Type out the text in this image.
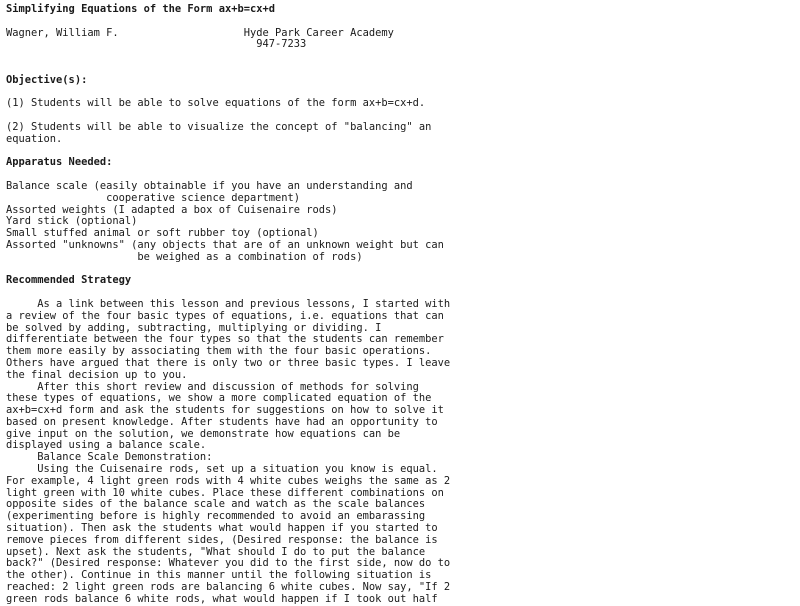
Simplifying Equations of the Form ax+b=cx+d
Wagner, William F.                    Hyde Park Career Academy
947-7233
Objective(s):
(1) Students will be able to solve equations of the form ax+b=cx+d.
(2) Students will be able to visualize the concept of "balancing" an
equation.
Apparatus Needed:
Balance scale (easily obtainable if you have an understanding and
cooperative science department)
Assorted weights (I adapted a box of Cuisenaire rods)
Yard stick (optional)
Small stuffed animal or soft rubber toy (optional)
Assorted "unknowns" (any objects that are of an unknown weight but can
be weighed as a combination of rods)
Recommended Strategy
As a link between this lesson and previous lessons, I started with
a review of the four basic types of equations, i.e. equations that can
be solved by adding, subtracting, multiplying or dividing. I
differentiate between the four types so that the students can remember
them more easily by associating them with the four basic operations.
Others have argued that there is only two or three basic types. I leave
the final decision up to you.
After this short review and discussion of methods for solving
these types of equations, we show a more complicated equation of the
ax+b=cx+d form and ask the students for suggestions on how to solve it
based on present knowledge. After students have had an opportunity to
give input on the solution, we demonstrate how equations can be
displayed using a balance scale.
Balance Scale Demonstration:
Using the Cuisenaire rods, set up a situation you know is equal.
For example, 4 light green rods with 4 white cubes weighs the same as 2
light green with 10 white cubes. Place these different combinations on
opposite sides of the balance scale and watch as the scale balances
(experimenting before is highly recommended to avoid an embarassing
situation). Then ask the students what would happen if you started to
remove pieces from different sides, (Desired response: the balance is
upset). Next ask the students, "What should I do to put the balance
back?" (Desired response: Whatever you did to the first side, now do to
the other). Continue in this manner until the following situation is
reached: 2 light green rods are balancing 6 white cubes. Now say, "If 2
green rods balance 6 white rods, what would happen if I took out half
